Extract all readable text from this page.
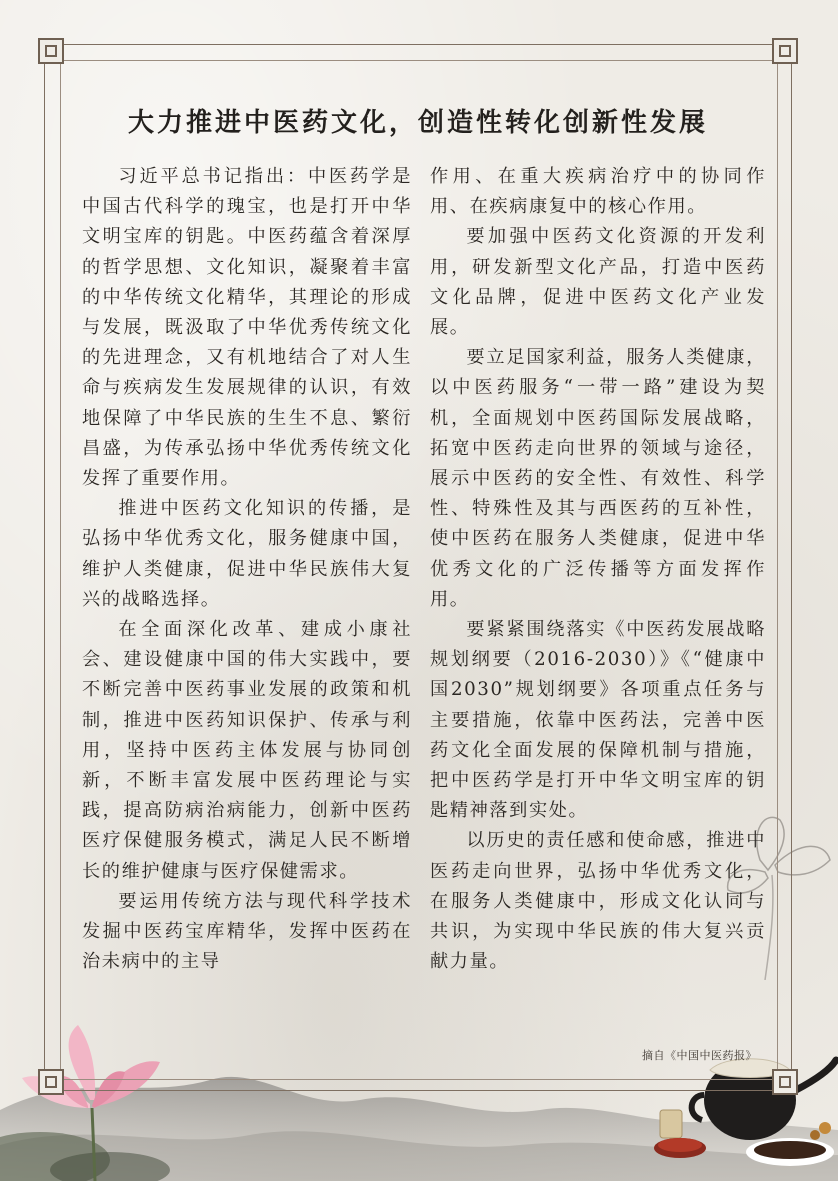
大力推进中医药文化，创造性转化创新性发展

习近平总书记指出：中医药学是中国古代科学的瑰宝，也是打开中华文明宝库的钥匙。中医药蕴含着深厚的哲学思想、文化知识，凝聚着丰富的中华传统文化精华，其理论的形成与发展，既汲取了中华优秀传统文化的先进理念，又有机地结合了对人生命与疾病发生发展规律的认识，有效地保障了中华民族的生生不息、繁衍昌盛，为传承弘扬中华优秀传统文化发挥了重要作用。

推进中医药文化知识的传播，是弘扬中华优秀文化，服务健康中国，维护人类健康，促进中华民族伟大复兴的战略选择。

在全面深化改革、建成小康社会、建设健康中国的伟大实践中，要不断完善中医药事业发展的政策和机制，推进中医药知识保护、传承与利用，坚持中医药主体发展与协同创新，不断丰富发展中医药理论与实践，提高防病治病能力，创新中医药医疗保健服务模式，满足人民不断增长的维护健康与医疗保健需求。

要运用传统方法与现代科学技术发掘中医药宝库精华，发挥中医药在治未病中的主导

作用、在重大疾病治疗中的协同作用、在疾病康复中的核心作用。

要加强中医药文化资源的开发利用，研发新型文化产品，打造中医药文化品牌，促进中医药文化产业发展。

要立足国家利益，服务人类健康，以中医药服务“一带一路”建设为契机，全面规划中医药国际发展战略，拓宽中医药走向世界的领域与途径，展示中医药的安全性、有效性、科学性、特殊性及其与西医药的互补性，使中医药在服务人类健康，促进中华优秀文化的广泛传播等方面发挥作用。

要紧紧围绕落实《中医药发展战略规划纲要（2016-2030）》《“健康中国2030”规划纲要》各项重点任务与主要措施，依靠中医药法，完善中医药文化全面发展的保障机制与措施，把中医药学是打开中华文明宝库的钥匙精神落到实处。

以历史的责任感和使命感，推进中医药走向世界，弘扬中华优秀文化，在服务人类健康中，形成文化认同与共识，为实现中华民族的伟大复兴贡献力量。

摘自《中国中医药报》
